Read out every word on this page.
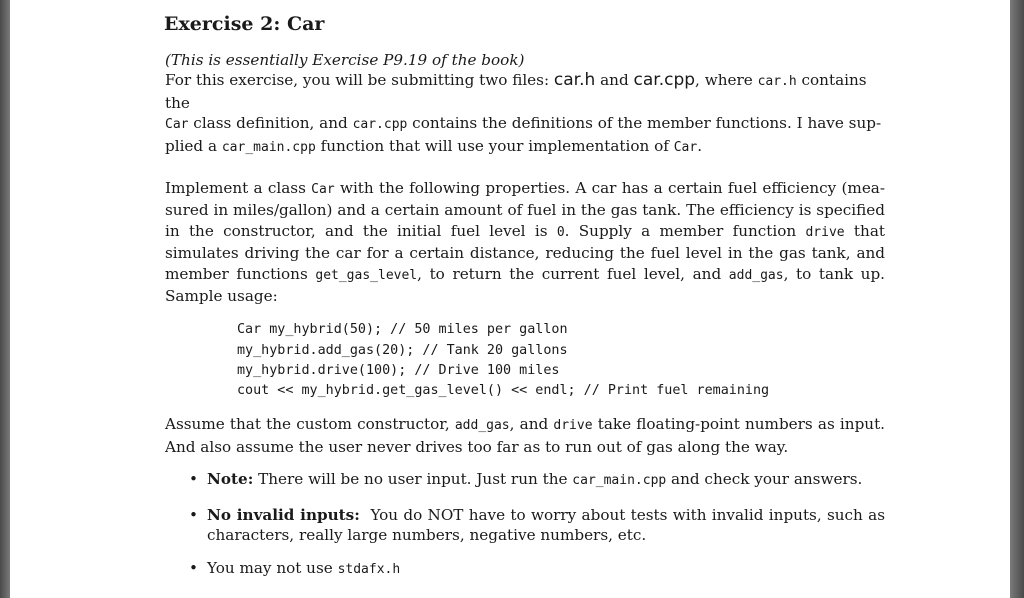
Exercise 2: Car

(This is essentially Exercise P9.19 of the book)
For this exercise, you will be submitting two files: car.h and car.cpp, where car.h contains the
Car class definition, and car.cpp contains the definitions of the member functions. I have sup-
plied a car_main.cpp function that will use your implementation of Car.

Implement a class Car with the following properties. A car has a certain fuel efficiency (mea-sured in miles/gallon) and a certain amount of fuel in the gas tank. The efficiency is specified in the constructor, and the initial fuel level is 0. Supply a member function drive that simulates driving the car for a certain distance, reducing the fuel level in the gas tank, and member functions get_gas_level, to return the current fuel level, and add_gas, to tank up. Sample usage:

Car my_hybrid(50); // 50 miles per gallon
my_hybrid.add_gas(20); // Tank 20 gallons
my_hybrid.drive(100); // Drive 100 miles
cout << my_hybrid.get_gas_level() << endl; // Print fuel remaining

Assume that the custom constructor, add_gas, and drive take floating-point numbers as input. And also assume the user never drives too far as to run out of gas along the way.

• Note: There will be no user input. Just run the car_main.cpp and check your answers.
• No invalid inputs:  You do NOT have to worry about tests with invalid inputs, such as characters, really large numbers, negative numbers, etc.
• You may not use stdafx.h
